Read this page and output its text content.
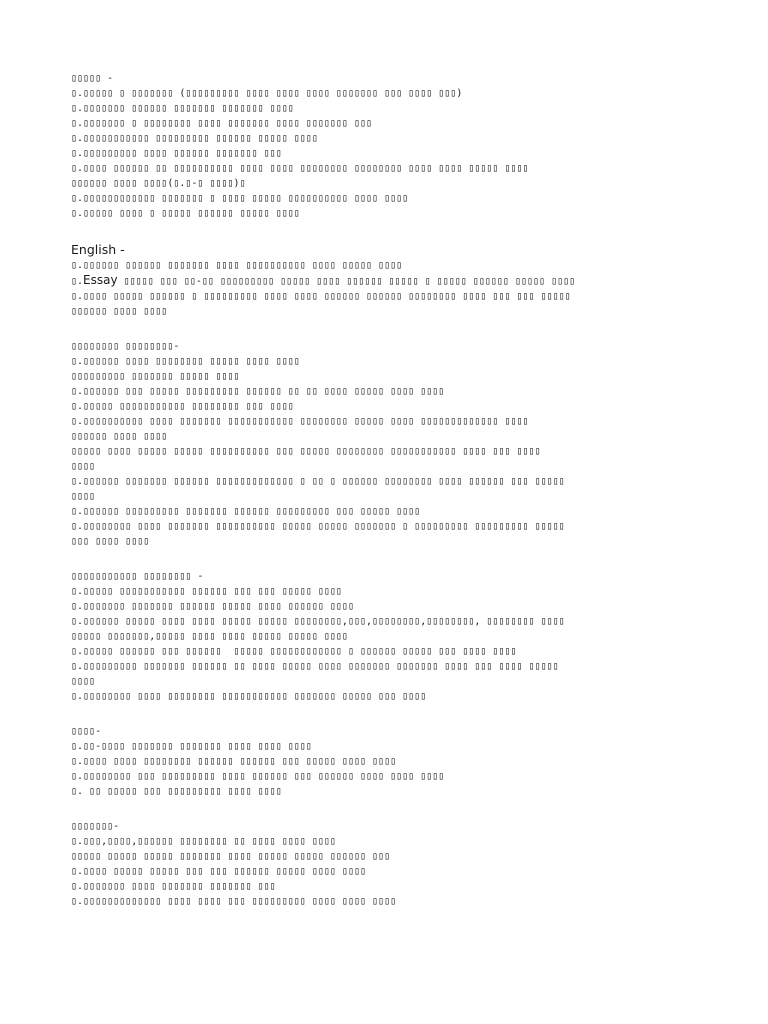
▯▯▯▯▯ -
▯.▯▯▯▯▯ ▯ ▯▯▯▯▯▯▯ (▯▯▯▯▯▯▯▯▯ ▯▯▯▯ ▯▯▯▯ ▯▯▯▯ ▯▯▯▯▯▯▯ ▯▯▯ ▯▯▯▯ ▯▯▯)
▯.▯▯▯▯▯▯▯ ▯▯▯▯▯▯ ▯▯▯▯▯▯▯ ▯▯▯▯▯▯▯ ▯▯▯▯
▯.▯▯▯▯▯▯▯ ▯ ▯▯▯▯▯▯▯▯ ▯▯▯▯ ▯▯▯▯▯▯▯ ▯▯▯▯ ▯▯▯▯▯▯▯ ▯▯▯
▯.▯▯▯▯▯▯▯▯▯▯▯ ▯▯▯▯▯▯▯▯▯ ▯▯▯▯▯▯ ▯▯▯▯▯ ▯▯▯▯
▯.▯▯▯▯▯▯▯▯▯ ▯▯▯▯ ▯▯▯▯▯▯ ▯▯▯▯▯▯▯ ▯▯▯
▯.▯▯▯▯ ▯▯▯▯▯▯ ▯▯ ▯▯▯▯▯▯▯▯▯▯ ▯▯▯▯ ▯▯▯▯ ▯▯▯▯▯▯▯▯ ▯▯▯▯▯▯▯▯ ▯▯▯▯ ▯▯▯▯ ▯▯▯▯▯ ▯▯▯▯
▯▯▯▯▯▯ ▯▯▯▯ ▯▯▯▯(▯.▯-▯ ▯▯▯▯)▯
▯.▯▯▯▯▯▯▯▯▯▯▯▯ ▯▯▯▯▯▯▯ ▯ ▯▯▯▯ ▯▯▯▯▯ ▯▯▯▯▯▯▯▯▯▯ ▯▯▯▯ ▯▯▯▯
▯.▯▯▯▯▯ ▯▯▯▯ ▯ ▯▯▯▯▯ ▯▯▯▯▯▯ ▯▯▯▯▯ ▯▯▯▯
English -
▯.▯▯▯▯▯▯ ▯▯▯▯▯▯ ▯▯▯▯▯▯▯ ▯▯▯▯ ▯▯▯▯▯▯▯▯▯▯ ▯▯▯▯ ▯▯▯▯▯ ▯▯▯▯
▯.Essay ▯▯▯▯▯ ▯▯▯ ▯▯-▯▯ ▯▯▯▯▯▯▯▯▯ ▯▯▯▯▯ ▯▯▯▯ ▯▯▯▯▯▯ ▯▯▯▯▯ ▯ ▯▯▯▯▯ ▯▯▯▯▯▯ ▯▯▯▯▯ ▯▯▯▯
▯.▯▯▯▯ ▯▯▯▯▯ ▯▯▯▯▯▯ ▯ ▯▯▯▯▯▯▯▯▯ ▯▯▯▯ ▯▯▯▯ ▯▯▯▯▯▯ ▯▯▯▯▯▯ ▯▯▯▯▯▯▯▯ ▯▯▯▯ ▯▯▯ ▯▯▯ ▯▯▯▯▯
▯▯▯▯▯▯ ▯▯▯▯ ▯▯▯▯
▯▯▯▯▯▯▯▯ ▯▯▯▯▯▯▯▯-
▯.▯▯▯▯▯▯ ▯▯▯▯ ▯▯▯▯▯▯▯▯ ▯▯▯▯▯ ▯▯▯▯ ▯▯▯▯
▯▯▯▯▯▯▯▯▯ ▯▯▯▯▯▯▯ ▯▯▯▯▯ ▯▯▯▯
▯.▯▯▯▯▯▯ ▯▯▯ ▯▯▯▯▯ ▯▯▯▯▯▯▯▯▯ ▯▯▯▯▯▯ ▯▯ ▯▯ ▯▯▯▯ ▯▯▯▯▯ ▯▯▯▯ ▯▯▯▯
▯.▯▯▯▯▯ ▯▯▯▯▯▯▯▯▯▯▯ ▯▯▯▯▯▯▯▯ ▯▯▯ ▯▯▯▯
▯.▯▯▯▯▯▯▯▯▯▯ ▯▯▯▯ ▯▯▯▯▯▯▯ ▯▯▯▯▯▯▯▯▯▯▯ ▯▯▯▯▯▯▯▯ ▯▯▯▯▯ ▯▯▯▯ ▯▯▯▯▯▯▯▯▯▯▯▯▯ ▯▯▯▯
▯▯▯▯▯▯ ▯▯▯▯ ▯▯▯▯
▯▯▯▯▯ ▯▯▯▯ ▯▯▯▯▯ ▯▯▯▯▯ ▯▯▯▯▯▯▯▯▯▯ ▯▯▯ ▯▯▯▯▯ ▯▯▯▯▯▯▯▯ ▯▯▯▯▯▯▯▯▯▯▯ ▯▯▯▯ ▯▯▯ ▯▯▯▯
▯▯▯▯
▯.▯▯▯▯▯▯ ▯▯▯▯▯▯▯ ▯▯▯▯▯▯ ▯▯▯▯▯▯▯▯▯▯▯▯▯ ▯ ▯▯ ▯ ▯▯▯▯▯▯ ▯▯▯▯▯▯▯▯ ▯▯▯▯ ▯▯▯▯▯▯ ▯▯▯ ▯▯▯▯▯
▯▯▯▯
▯.▯▯▯▯▯▯ ▯▯▯▯▯▯▯▯▯ ▯▯▯▯▯▯▯ ▯▯▯▯▯▯ ▯▯▯▯▯▯▯▯▯ ▯▯▯ ▯▯▯▯▯ ▯▯▯▯
▯.▯▯▯▯▯▯▯▯ ▯▯▯▯ ▯▯▯▯▯▯▯ ▯▯▯▯▯▯▯▯▯▯ ▯▯▯▯▯ ▯▯▯▯▯ ▯▯▯▯▯▯▯ ▯ ▯▯▯▯▯▯▯▯▯ ▯▯▯▯▯▯▯▯▯ ▯▯▯▯▯
▯▯▯ ▯▯▯▯ ▯▯▯▯
▯▯▯▯▯▯▯▯▯▯▯ ▯▯▯▯▯▯▯▯ -
▯.▯▯▯▯▯ ▯▯▯▯▯▯▯▯▯▯▯ ▯▯▯▯▯▯ ▯▯▯ ▯▯▯ ▯▯▯▯▯ ▯▯▯▯
▯.▯▯▯▯▯▯▯ ▯▯▯▯▯▯▯ ▯▯▯▯▯▯ ▯▯▯▯▯ ▯▯▯▯ ▯▯▯▯▯▯ ▯▯▯▯
▯.▯▯▯▯▯▯ ▯▯▯▯▯ ▯▯▯▯ ▯▯▯▯ ▯▯▯▯▯ ▯▯▯▯▯ ▯▯▯▯▯▯▯▯,▯▯▯,▯▯▯▯▯▯▯▯,▯▯▯▯▯▯▯▯, ▯▯▯▯▯▯▯▯ ▯▯▯▯
▯▯▯▯▯ ▯▯▯▯▯▯▯,▯▯▯▯▯ ▯▯▯▯ ▯▯▯▯ ▯▯▯▯▯ ▯▯▯▯▯ ▯▯▯▯
▯.▯▯▯▯▯ ▯▯▯▯▯▯ ▯▯▯ ▯▯▯▯▯▯  ▯▯▯▯▯ ▯▯▯▯▯▯▯▯▯▯▯▯ ▯ ▯▯▯▯▯▯ ▯▯▯▯▯ ▯▯▯ ▯▯▯▯ ▯▯▯▯
▯.▯▯▯▯▯▯▯▯▯ ▯▯▯▯▯▯▯ ▯▯▯▯▯▯ ▯▯ ▯▯▯▯ ▯▯▯▯▯ ▯▯▯▯ ▯▯▯▯▯▯▯ ▯▯▯▯▯▯▯ ▯▯▯▯ ▯▯▯ ▯▯▯▯ ▯▯▯▯▯
▯▯▯▯
▯.▯▯▯▯▯▯▯▯ ▯▯▯▯ ▯▯▯▯▯▯▯▯ ▯▯▯▯▯▯▯▯▯▯▯ ▯▯▯▯▯▯▯ ▯▯▯▯▯ ▯▯▯ ▯▯▯▯
▯▯▯▯-
▯.▯▯-▯▯▯▯ ▯▯▯▯▯▯▯ ▯▯▯▯▯▯▯ ▯▯▯▯ ▯▯▯▯ ▯▯▯▯
▯.▯▯▯▯ ▯▯▯▯ ▯▯▯▯▯▯▯▯ ▯▯▯▯▯▯ ▯▯▯▯▯▯ ▯▯▯ ▯▯▯▯▯ ▯▯▯▯ ▯▯▯▯
▯.▯▯▯▯▯▯▯▯ ▯▯▯ ▯▯▯▯▯▯▯▯▯ ▯▯▯▯ ▯▯▯▯▯▯ ▯▯▯ ▯▯▯▯▯▯ ▯▯▯▯ ▯▯▯▯ ▯▯▯▯
▯. ▯▯ ▯▯▯▯▯ ▯▯▯ ▯▯▯▯▯▯▯▯▯ ▯▯▯▯ ▯▯▯▯
▯▯▯▯▯▯▯-
▯.▯▯▯,▯▯▯▯,▯▯▯▯▯▯ ▯▯▯▯▯▯▯▯ ▯▯ ▯▯▯▯ ▯▯▯▯ ▯▯▯▯
▯▯▯▯▯ ▯▯▯▯▯ ▯▯▯▯▯ ▯▯▯▯▯▯▯ ▯▯▯▯ ▯▯▯▯▯ ▯▯▯▯▯ ▯▯▯▯▯▯ ▯▯▯
▯.▯▯▯▯ ▯▯▯▯▯ ▯▯▯▯▯ ▯▯▯ ▯▯▯ ▯▯▯▯▯▯ ▯▯▯▯▯ ▯▯▯▯ ▯▯▯▯
▯.▯▯▯▯▯▯▯ ▯▯▯▯ ▯▯▯▯▯▯▯ ▯▯▯▯▯▯▯ ▯▯▯
▯.▯▯▯▯▯▯▯▯▯▯▯▯▯ ▯▯▯▯ ▯▯▯▯ ▯▯▯ ▯▯▯▯▯▯▯▯▯ ▯▯▯▯ ▯▯▯▯ ▯▯▯▯
